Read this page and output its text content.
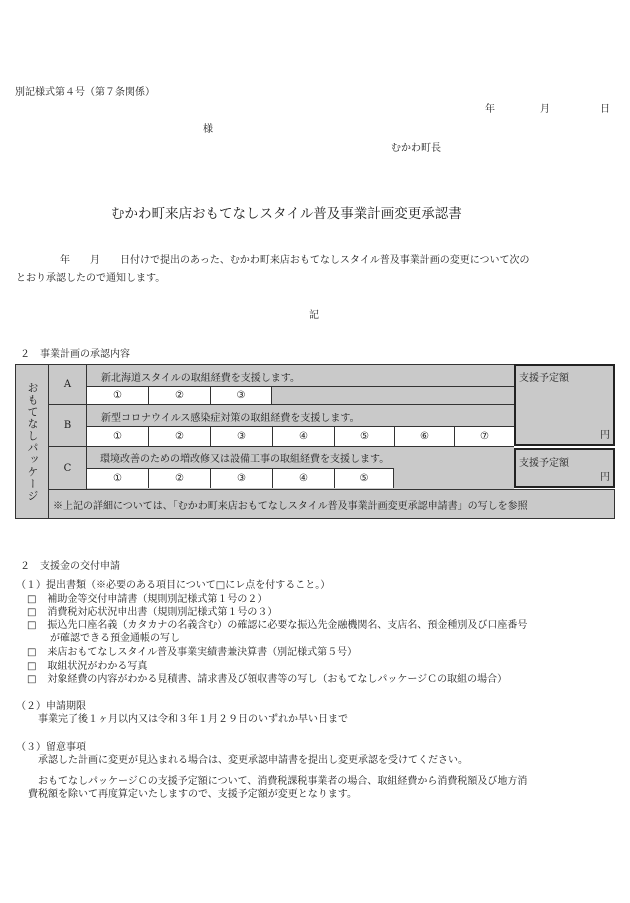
別記様式第４号（第７条関係）
年	月	日
様
むかわ町長
むかわ町来店おもてなしスタイル普及事業計画変更承認書
　　年　　月　　日付けで提出のあった、むかわ町来店おもてなしスタイル普及事業計画の変更について次の
とおり承認したので通知します。
記
２　事業計画の承認内容
おもてなしパッケージ	A
新北海道スタイルの取組経費を支援します。
①	②	③
B
新型コロナウイルス感染症対策の取組経費を支援します。
①	②	③	④	⑤	⑥	⑦
C
環境改善のための増改修又は設備工事の取組経費を支援します。
①	②	③	④	⑤
支援予定額
円
支援予定額
円
※上記の詳細については、「むかわ町来店おもてなしスタイル普及事業計画変更承認申請書」の写しを参照
２　支援金の交付申請
（１）提出書類（※必要のある項目について□にレ点を付すること。）
□ 補助金等交付申請書（規則別記様式第１号の２）
□ 消費税対応状況申出書（規則別記様式第１号の３）
□ 振込先口座名義（カタカナの名義含む）の確認に必要な振込先金融機関名、支店名、預金種別及び口座番号
が確認できる預金通帳の写し
□ 来店おもてなしスタイル普及事業実績書兼決算書（別記様式第５号）
□ 取組状況がわかる写真
□ 対象経費の内容がわかる見積書、請求書及び領収書等の写し（おもてなしパッケージＣの取組の場合）
（２）申請期限
事業完了後１ヶ月以内又は令和３年１月２９日のいずれか早い日まで
（３）留意事項
承認した計画に変更が見込まれる場合は、変更承認申請書を提出し変更承認を受けてください。
おもてなしパッケージＣの支援予定額について、消費税課税事業者の場合、取組経費から消費税額及び地方消
費税額を除いて再度算定いたしますので、支援予定額が変更となります。
